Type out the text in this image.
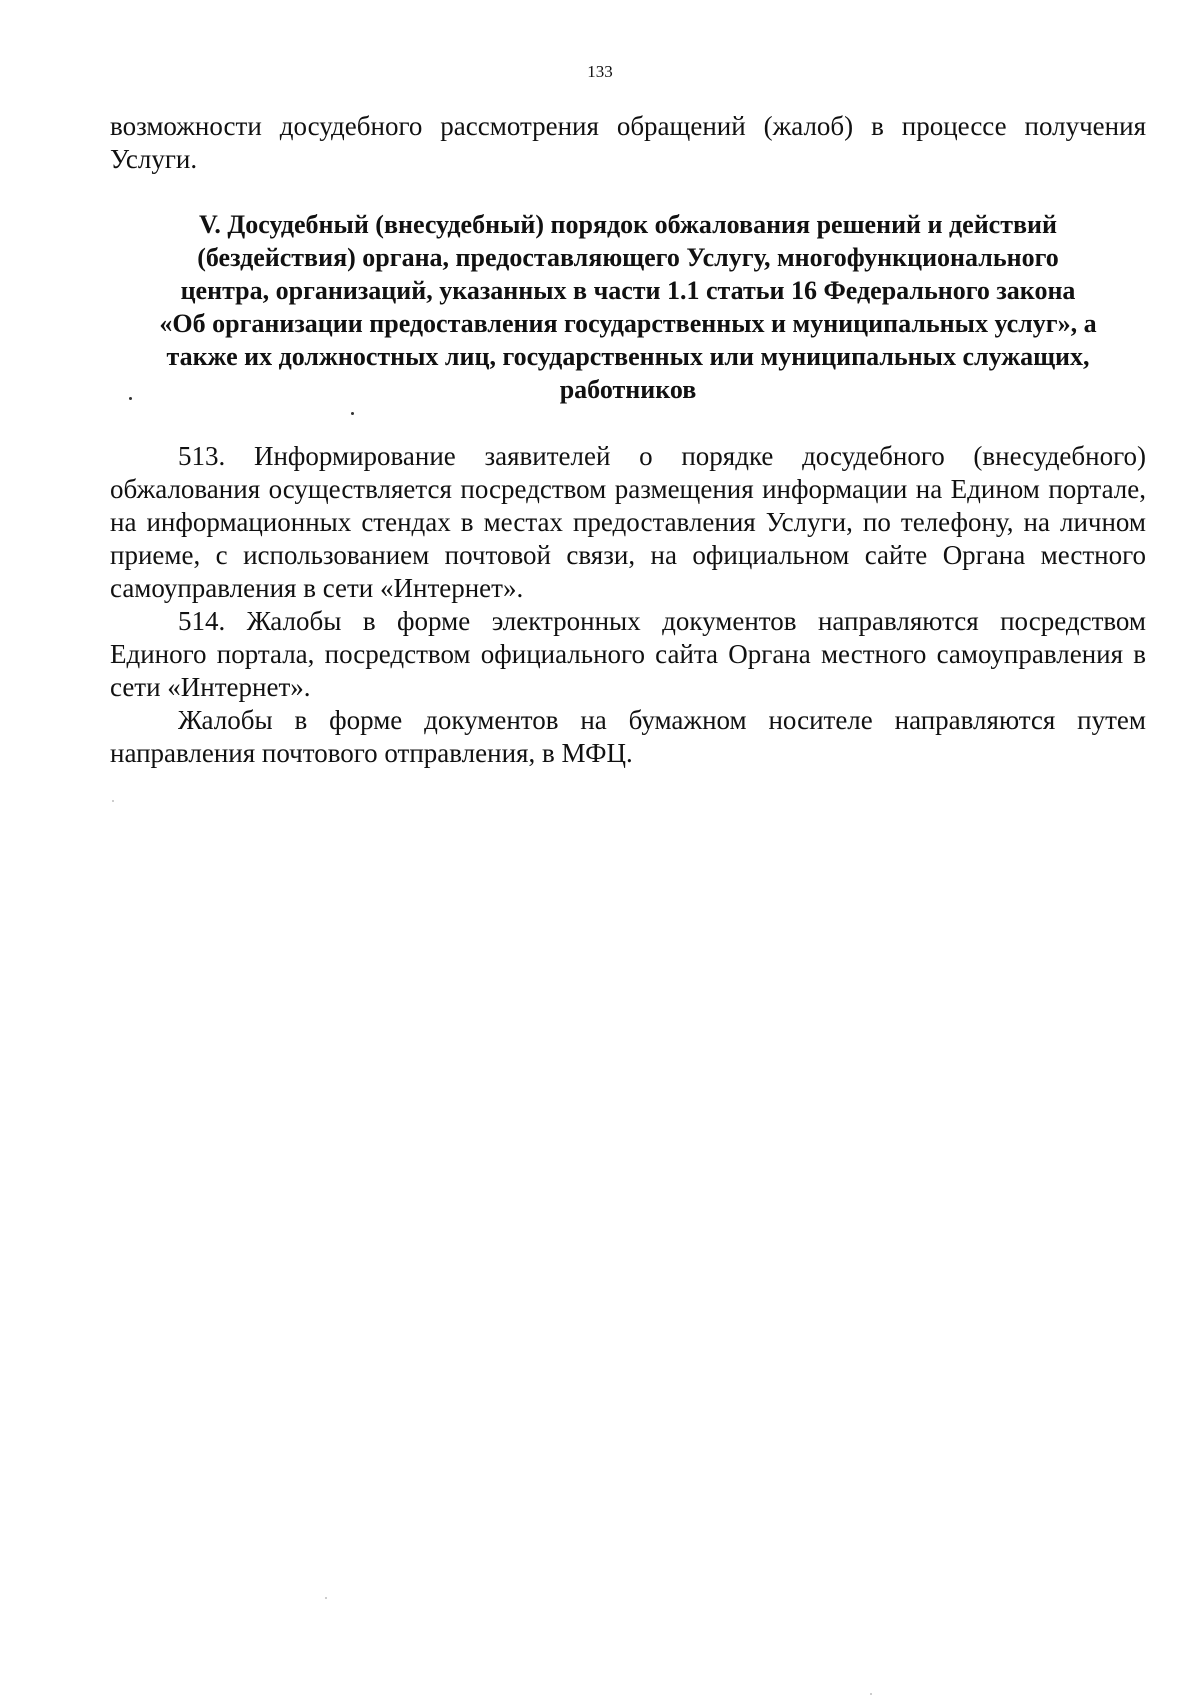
133

возможности досудебного рассмотрения обращений (жалоб) в процессе получения Услуги.

V. Досудебный (внесудебный) порядок обжалования решений и действий
(бездействия) органа, предоставляющего Услугу, многофункционального
центра, организаций, указанных в части 1.1 статьи 16 Федерального закона
«Об организации предоставления государственных и муниципальных услуг», а
также их должностных лиц, государственных или муниципальных служащих,
работников

513. Информирование заявителей о порядке досудебного (внесудебного) обжалования осуществляется посредством размещения информации на Едином портале, на информационных стендах в местах предоставления Услуги, по телефону, на личном приеме, с использованием почтовой связи, на официальном сайте Органа местного самоуправления в сети «Интернет».

514. Жалобы в форме электронных документов направляются посредством Единого портала, посредством официального сайта Органа местного самоуправления в сети «Интернет».

Жалобы в форме документов на бумажном носителе направляются путем направления почтового отправления, в МФЦ.
